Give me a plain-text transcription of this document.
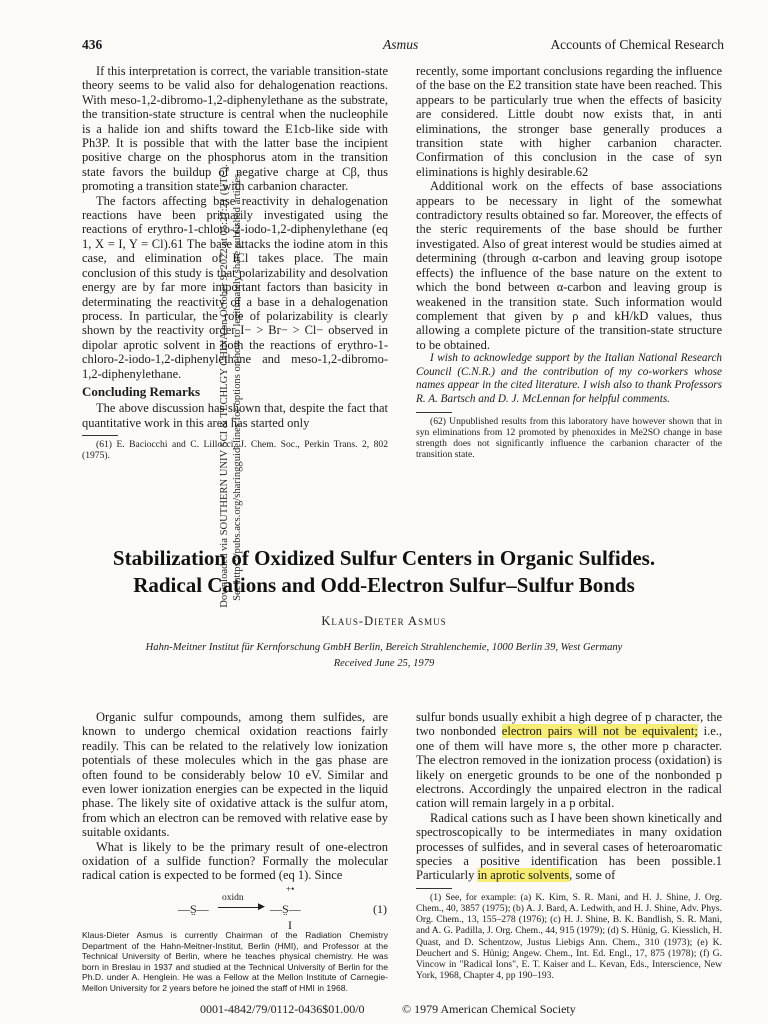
Downloaded via SOUTHERN UNIV SCI & TECHLGY CHINA on October 9, 2022 at 05:27:21 (UTC). See https://pubs.acs.org/sharingguidelines for options on how to legitimately share published articles.
436	Asmus	Accounts of Chemical Research

If this interpretation is correct, the variable transition-state theory seems to be valid also for dehalogenation reactions. With meso-1,2-dibromo-1,2-diphenylethane as the substrate, the transition-state structure is central when the nucleophile is a halide ion and shifts toward the E1cb-like side with Ph3P. It is possible that with the latter base the incipient positive charge on the phosphorus atom in the transition state favors the buildup of negative charge at Cβ, thus promoting a transition state with carbanion character.

The factors affecting base reactivity in dehalogenation reactions have been primarily investigated using the reactions of erythro-1-chloro-2-iodo-1,2-diphenylethane (eq 1, X = I, Y = Cl).61 The base attacks the iodine atom in this case, and elimination of ICl takes place. The main conclusion of this study is that polarizability and desolvation energy are by far more important factors than basicity in determinating the reactivity of a base in a dehalogenation process. In particular, the role of polarizability is clearly shown by the reactivity order I− > Br− > Cl− observed in dipolar aprotic solvent in both the reactions of erythro-1-chloro-2-iodo-1,2-diphenylethane and meso-1,2-dibromo-1,2-diphenylethane.

Concluding Remarks

The above discussion has shown that, despite the fact that quantitative work in this area has started only

(61) E. Baciocchi and C. Lillocci, J. Chem. Soc., Perkin Trans. 2, 802 (1975).

recently, some important conclusions regarding the influence of the base on the E2 transition state have been reached. This appears to be particularly true when the effects of basicity are considered. Little doubt now exists that, in anti eliminations, the stronger base generally produces a transition state with higher carbanion character. Confirmation of this conclusion in the case of syn eliminations is highly desirable.62

Additional work on the effects of base associations appears to be necessary in light of the somewhat contradictory results obtained so far. Moreover, the effects of the steric requirements of the base should be further investigated. Also of great interest would be studies aimed at determining (through α-carbon and leaving group isotope effects) the influence of the base nature on the extent to which the bond between α-carbon and leaving group is weakened in the transition state. Such information would complement that given by ρ and kH/kD values, thus allowing a complete picture of the transition-state structure to be obtained.

I wish to acknowledge support by the Italian National Research Council (C.N.R.) and the contribution of my co-workers whose names appear in the cited literature. I wish also to thank Professors R. A. Bartsch and D. J. McLennan for helpful comments.

(62) Unpublished results from this laboratory have however shown that in syn eliminations from 12 promoted by phenoxides in Me2SO change in base strength does not significantly influence the carbanion character of the transition state.

Stabilization of Oxidized Sulfur Centers in Organic Sulfides.
Radical Cations and Odd-Electron Sulfur–Sulfur Bonds
Klaus-Dieter Asmus
Hahn-Meitner Institut für Kernforschung GmbH Berlin, Bereich Strahlenchemie, 1000 Berlin 39, West Germany
Received June 25, 1979

Organic sulfur compounds, among them sulfides, are known to undergo chemical oxidation reactions fairly readily. This can be related to the relatively low ionization potentials of these molecules which in the gas phase are often found to be considerably below 10 eV. Similar and even lower ionization energies can be expected in the liquid phase. The likely site of oxidative attack is the sulfur atom, from which an electron can be removed with relative ease by suitable oxidants.

What is likely to be the primary result of one-electron oxidation of a sulfide function? Formally the molecular radical cation is expected to be formed (eq 1). Since

—S̤—
oxidn
▶
+•
—S̤—	(1)
I
Klaus-Dieter Asmus is currently Chairman of the Radiation Chemistry Department of the Hahn-Meitner-Institut, Berlin (HMI), and Professor at the Technical University of Berlin, where he teaches physical chemistry. He was born in Breslau in 1937 and studied at the Technical University of Berlin for the Ph.D. under A. Henglein. He was a Fellow at the Mellon Institute of Carnegie-Mellon University for 2 years before he joined the staff of HMI in 1968.

sulfur bonds usually exhibit a high degree of p character, the two nonbonded electron pairs will not be equivalent; i.e., one of them will have more s, the other more p character. The electron removed in the ionization process (oxidation) is likely on energetic grounds to be one of the nonbonded p electrons. Accordingly the unpaired electron in the radical cation will remain largely in a p orbital.

Radical cations such as I have been shown kinetically and spectroscopically to be intermediates in many oxidation processes of sulfides, and in several cases of heteroaromatic species a positive identification has been possible.1 Particularly in aprotic solvents, some of

(1) See, for example: (a) K. Kim, S. R. Mani, and H. J. Shine, J. Org. Chem., 40, 3857 (1975); (b) A. J. Bard, A. Ledwith, and H. J. Shine, Adv. Phys. Org. Chem., 13, 155–278 (1976); (c) H. J. Shine, B. K. Bandlish, S. R. Mani, and A. G. Padilla, J. Org. Chem., 44, 915 (1979); (d) S. Hünig, G. Kiesslich, H. Quast, and D. Schentzow, Justus Liebigs Ann. Chem., 310 (1973); (e) K. Deuchert and S. Hünig; Angew. Chem., Int. Ed. Engl., 17, 875 (1978); (f) G. Vincow in "Radical Ions", E. T. Kaiser and L. Kevan, Eds., Interscience, New York, 1968, Chapter 4, pp 190–193.

0001-4842/79/0112-0436$01.00/0	© 1979 American Chemical Society
